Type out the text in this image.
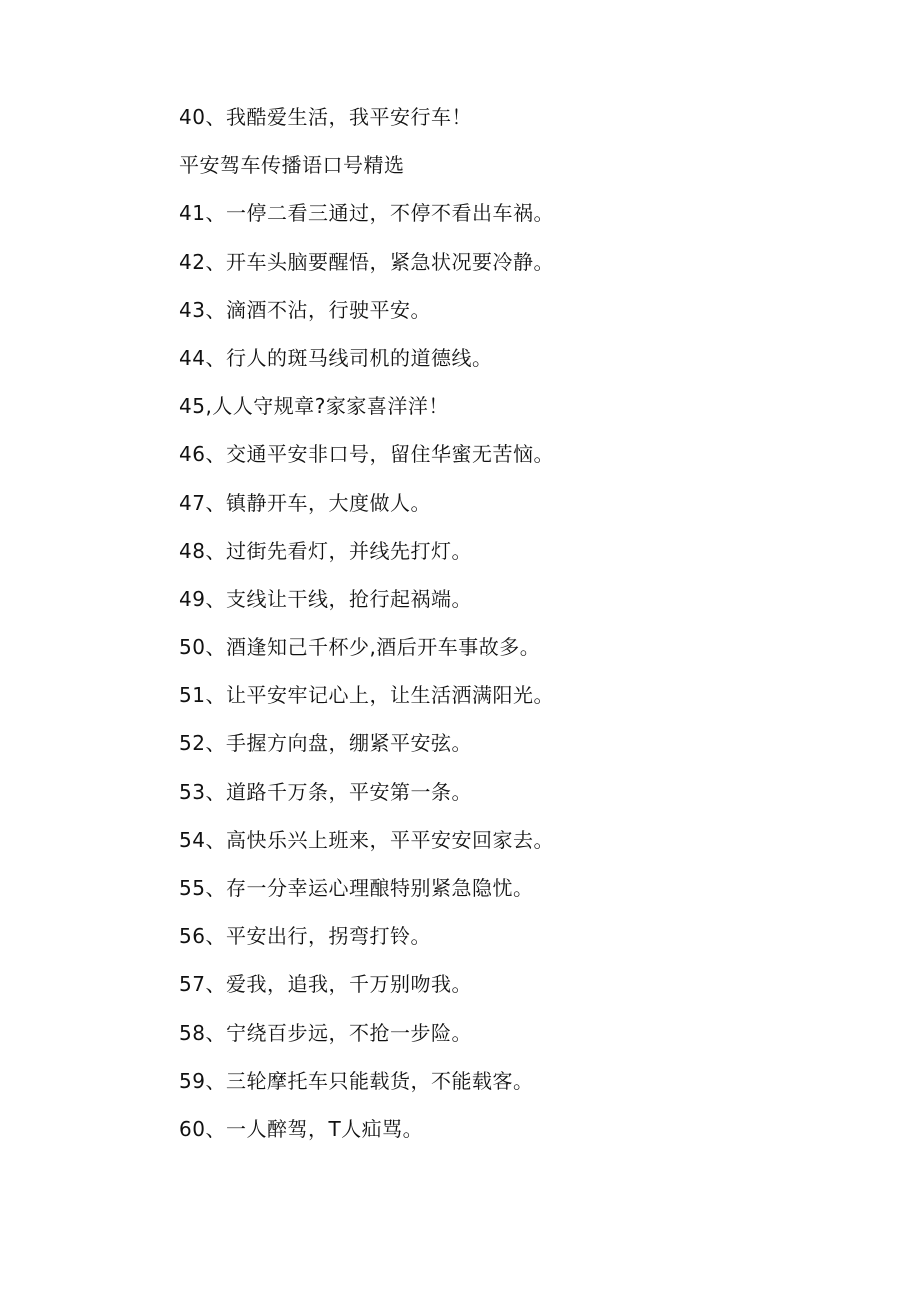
40、我酷爱生活，我平安行车！
平安驾车传播语口号精选
41、一停二看三通过，不停不看出车祸。
42、开车头脑要醒悟，紧急状况要冷静。
43、滴酒不沾，行驶平安。
44、行人的斑马线司机的道德线。
45,人人守规章?家家喜洋洋！
46、交通平安非口号，留住华蜜无苦恼。
47、镇静开车，大度做人。
48、过街先看灯，并线先打灯。
49、支线让干线，抢行起祸端。
50、酒逢知己千杯少,酒后开车事故多。
51、让平安牢记心上，让生活洒满阳光。
52、手握方向盘，绷紧平安弦。
53、道路千万条，平安第一条。
54、高快乐兴上班来，平平安安回家去。
55、存一分幸运心理酿特别紧急隐忧。
56、平安出行，拐弯打铃。
57、爱我，追我，千万别吻我。
58、宁绕百步远，不抢一步险。
59、三轮摩托车只能载货，不能载客。
60、一人醉驾，T人疝骂。
